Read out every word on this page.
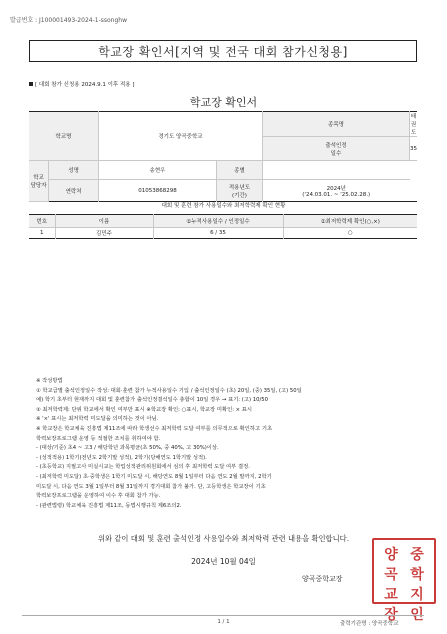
발급번호 : J100001493-2024-1-ssonghw
학교장 확인서[지역 및 전국 대회 참가신청용]
[ 대회 참가 신청용 2024.9.1 이후 적용 ]
학교장 확인서
학교명		경기도 양곡중학교		종목명	태권도
				출석인정
일수	35

학교
담당자	성명	송현우	종별		
	연락처	01053868298	적용년도
(기간)	2024년
('24.03.01. ~ '25.02.28.)	
대회 및 훈련 참가 사용일수와 최저학력제 확인 현황
번호	이름	①누적사용일수 / 인정일수	②최저학력제 확인(○,×)
1	김민주	6 / 35	○
※ 작성방법
① 학교급별 출석인정일수 작성: 대회·훈련 참가 누적사용일수 기입 / 출석인정일수 (초) 20일, (중) 35일, (고) 50일
예) 학기 초부터 현재까지 대회 및 훈련참가 출석인정결석일수 총합이 10일 경우 → 표기: (고) 10/50
② 최저학력제: 단위 학교에서 확인 여부만 표시 ※학교장 확인: ○표시, 학교장 미확인: × 표시
※ '×' 표시는 최저학력 미도달을 의미하는 것이 아님.
※ 학교장은 학교체육 진흥법 제11조에 따라 학생선수 최저학력 도달 여부를 의무적으로 확인하고 기초
학력보장프로그램 운영 등 적절한 조치를 취하여야 함.
- (대상/기준) 초4 ~ 고3 / 해당학년 과목평균(초 50%, 중 40%, 고 30%)이상.
- (성적적용) 1학기(전년도 2학기말 성적), 2학기(당해연도 1학기말 성적).
- (초등학교) 지필고사 미실시교는 학업성적관리위원회에서 심의 후 최저학력 도달 여부 결정.
- (최저학력 미도달) 초·중학생은 1학기 미도달 시, 해당연도 8월 1일부터 다음 연도 2월 말까지, 2학기
미도달 시, 다음 연도 3월 1일부터 8월 31일까지 경기대회 참가 불가. 단, 고등학생은 학교장이 기초
학력보장프로그램을 운영하여 이수 후 대회 참가 가능.
- (관련법령) 학교체육 진흥법 제11조, 동법시행규칙 제6조의2.
위와 같이 대회 및 훈련 출석인정 사용일수와 최저학력 관련 내용을 확인합니다.
2024년 10월 04일
양곡중학교장
양곡
중학
교장
지인
1 / 1	출력기관명 : 양곡중학교
